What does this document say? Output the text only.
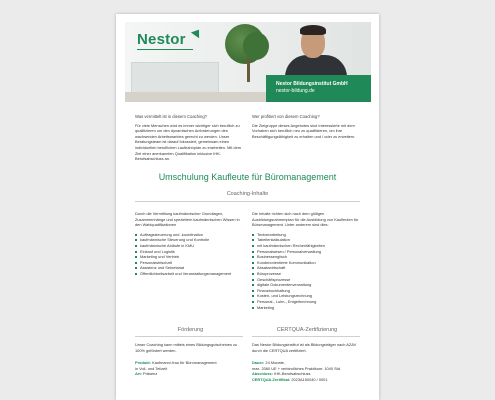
Nestor
Nestor Bildungsinstitut GmbH
nestor-bildung.de
Was vermittelt ist in diesem Coaching?

Für viele Menschen wird es immer wichtiger sich beruflich zu qualifizieren um den dynamischen Anforderungen des wachsenden Arbeitsmarktes gerecht zu werden. Unser Beratungsteam ist darauf fokussiert, gemeinsam einen individuellen beruflichen Laufbahnplan zu erarbeiten. Mit dem Ziel einer anerkannten Qualifikation inklusive IHK-Berufsabschluss an.

Wer profitiert von diesem Coaching?

Die Zielgruppe dieses Angebotes sind Interessierte mit dem Vorhaben sich beruflich neu zu qualifizieren, um ihre Beschäftigungsfähigkeit zu erhalten und / oder zu erweitern.

Umschulung Kaufleute für Büromanagement
Coaching-Inhalte

Durch die Vermittlung kaufmännischer Grundlagen, Zusammenhänge und speziellem kaufmännischen Wissen in den Wahlqualifikationen

Auftragssteuerung und -koordination
kaufmännische Steuerung und Kontrolle
kaufmännische Abläufe in KMU
Einkauf und Logistik
Marketing und Vertrieb
Personalwirtschaft
Assistenz und Sekretariat
Öffentlichkeitsarbeit und Veranstaltungsmanagement

Die Inhalte richten sich nach dem gültigen Ausbildungsrahmenplan für die Ausbildung von Kaufleuten für Büromanagement. Unter anderem sind dies:

Textverarbeitung
Tabellenkalkulation
mit kaufmännischen Rechenfähigkeiten
Personalwesen / Personalverwaltung
Businessenglisch
Kundenorientierte Kommunikation
Absatzwirtschaft
Büroprozesse
Geschäftsprozesse
digitale Dokumentenverwaltung
Finanzbuchhaltung
Kosten- und Leistungsrechnung
Personal-, Lohn-, Entgeltrechnung
Marketing
Förderung	CERTQUA-Zertifizierung

Unser Coaching kann mittels eines Bildungsgutscheines zu 100% gefördert werden.

Produkt: Kaufmann/-frau für Büromanagement
in Voll- und Teilzeit
Art: Präsenz

Das Nestor Bildungsinstitut ist als Bildungsträger nach AZAV durch die CERTQUA zertifiziert.

Dauer: 24 Monate,
max. 3360 UE + verbindliches Praktikum: 1040 Std.
Abschluss: IHK-Berufsabschluss
CERTQUA-Zertifikat: 2023A150040 / 0001
